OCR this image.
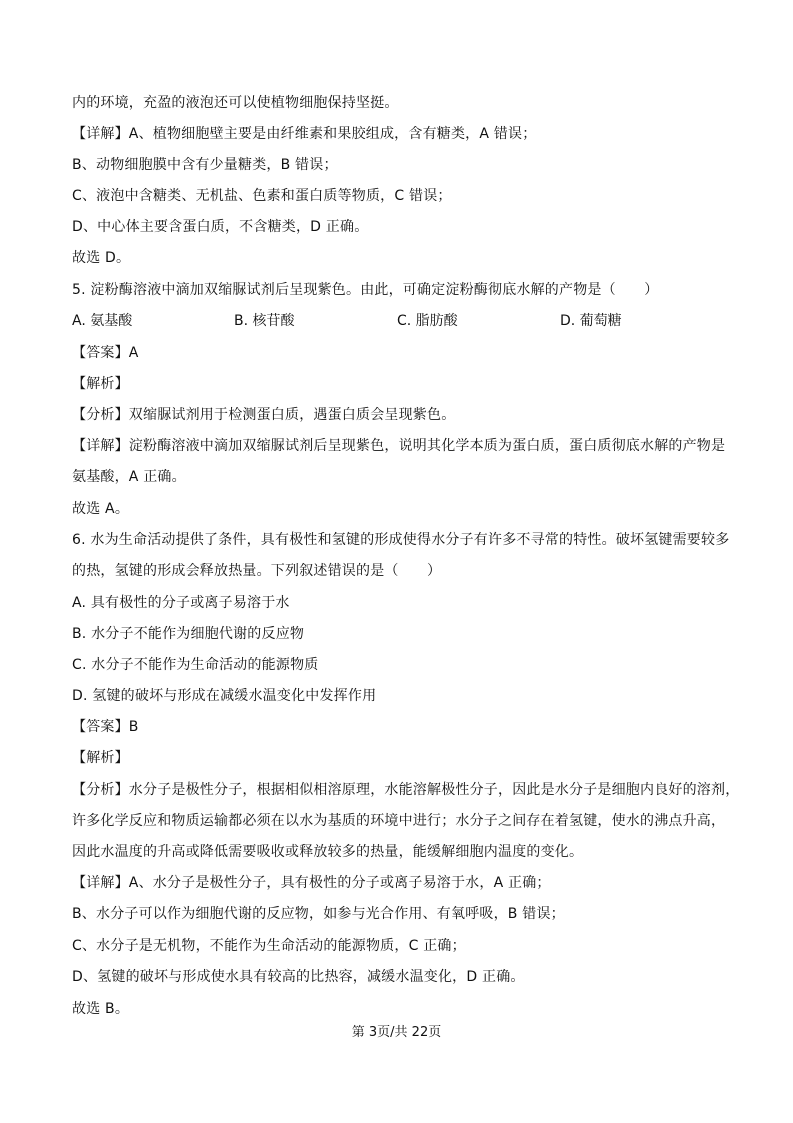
内的环境，充盈的液泡还可以使植物细胞保持坚挺。
【详解】A、植物细胞壁主要是由纤维素和果胶组成，含有糖类，A 错误；
B、动物细胞膜中含有少量糖类，B 错误；
C、液泡中含糖类、无机盐、色素和蛋白质等物质，C 错误；
D、中心体主要含蛋白质，不含糖类，D 正确。
故选 D。
5. 淀粉酶溶液中滴加双缩脲试剂后呈现紫色。由此，可确定淀粉酶彻底水解的产物是（　　）
A. 氨基酸	B. 核苷酸	C. 脂肪酸	D. 葡萄糖
【答案】A
【解析】
【分析】双缩脲试剂用于检测蛋白质，遇蛋白质会呈现紫色。
【详解】淀粉酶溶液中滴加双缩脲试剂后呈现紫色，说明其化学本质为蛋白质，蛋白质彻底水解的产物是
氨基酸，A 正确。
故选 A。
6. 水为生命活动提供了条件，具有极性和氢键的形成使得水分子有许多不寻常的特性。破坏氢键需要较多
的热，氢键的形成会释放热量。下列叙述错误的是（　　）
A. 具有极性的分子或离子易溶于水
B. 水分子不能作为细胞代谢的反应物
C. 水分子不能作为生命活动的能源物质
D. 氢键的破坏与形成在减缓水温变化中发挥作用
【答案】B
【解析】
【分析】水分子是极性分子，根据相似相溶原理，水能溶解极性分子，因此是水分子是细胞内良好的溶剂，
许多化学反应和物质运输都必须在以水为基质的环境中进行；水分子之间存在着氢键，使水的沸点升高，
因此水温度的升高或降低需要吸收或释放较多的热量，能缓解细胞内温度的变化。
【详解】A、水分子是极性分子，具有极性的分子或离子易溶于水，A 正确；
B、水分子可以作为细胞代谢的反应物，如参与光合作用、有氧呼吸，B 错误；
C、水分子是无机物，不能作为生命活动的能源物质，C 正确；
D、氢键的破坏与形成使水具有较高的比热容，减缓水温变化，D 正确。
故选 B。
第 3页/共 22页
